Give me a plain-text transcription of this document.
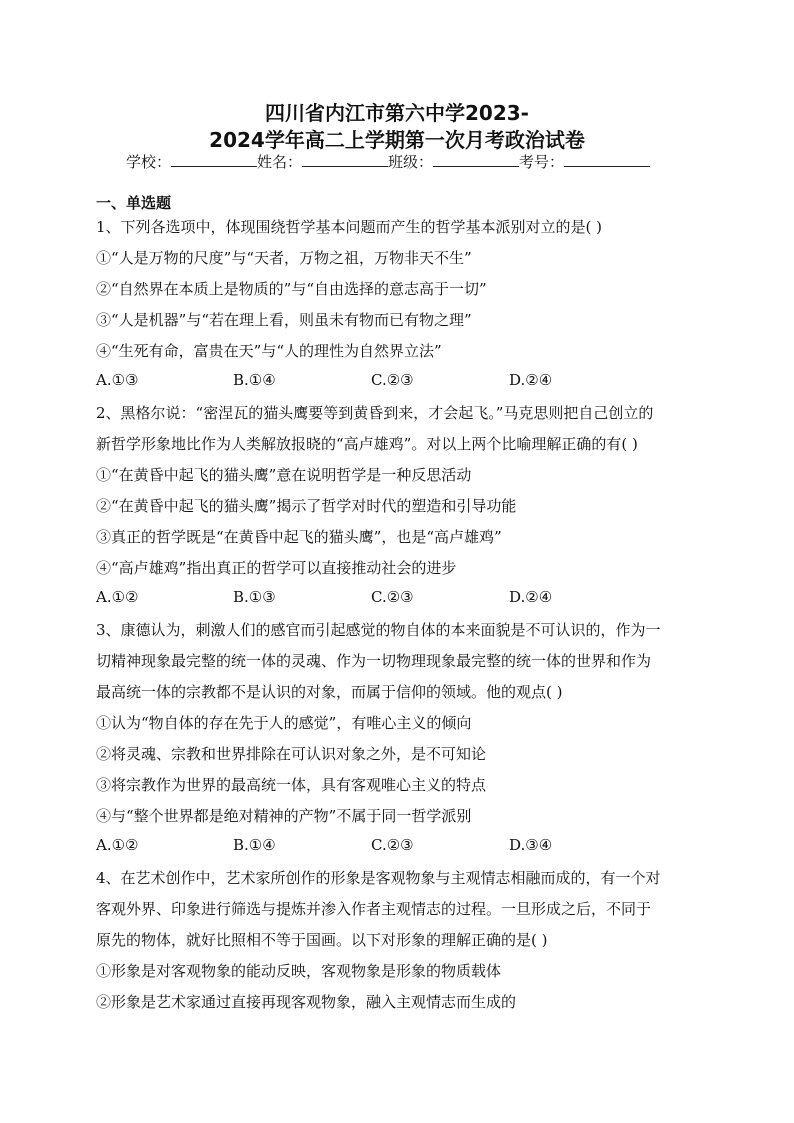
四川省内江市第六中学2023-
2024学年高二上学期第一次月考政治试卷
学校：	姓名：	班级：	考号：
一、单选题
1、下列各选项中，体现围绕哲学基本问题而产生的哲学基本派别对立的是( )
①“人是万物的尺度”与“天者，万物之祖，万物非天不生”
②“自然界在本质上是物质的”与“自由选择的意志高于一切”
③“人是机器”与“若在理上看，则虽未有物而已有物之理”
④“生死有命，富贵在天”与“人的理性为自然界立法”
A.①③	B.①④	C.②③	D.②④
2、黑格尔说：“密涅瓦的猫头鹰要等到黄昏到来，才会起飞。”马克思则把自己创立的
新哲学形象地比作为人类解放报晓的“高卢雄鸡”。对以上两个比喻理解正确的有( )
①“在黄昏中起飞的猫头鹰”意在说明哲学是一种反思活动
②“在黄昏中起飞的猫头鹰”揭示了哲学对时代的塑造和引导功能
③真正的哲学既是“在黄昏中起飞的猫头鹰”，也是“高卢雄鸡”
④“高卢雄鸡”指出真正的哲学可以直接推动社会的进步
A.①②	B.①③	C.②③	D.②④
3、康德认为，刺激人们的感官而引起感觉的物自体的本来面貌是不可认识的，作为一
切精神现象最完整的统一体的灵魂、作为一切物理现象最完整的统一体的世界和作为
最高统一体的宗教都不是认识的对象，而属于信仰的领域。他的观点( )
①认为“物自体的存在先于人的感觉”，有唯心主义的倾向
②将灵魂、宗教和世界排除在可认识对象之外，是不可知论
③将宗教作为世界的最高统一体，具有客观唯心主义的特点
④与“整个世界都是绝对精神的产物”不属于同一哲学派别
A.①②	B.①④	C.②③	D.③④
4、在艺术创作中，艺术家所创作的形象是客观物象与主观情志相融而成的，有一个对
客观外界、印象进行筛选与提炼并渗入作者主观情志的过程。一旦形成之后，不同于
原先的物体，就好比照相不等于国画。以下对形象的理解正确的是( )
①形象是对客观物象的能动反映，客观物象是形象的物质载体
②形象是艺术家通过直接再现客观物象，融入主观情志而生成的
